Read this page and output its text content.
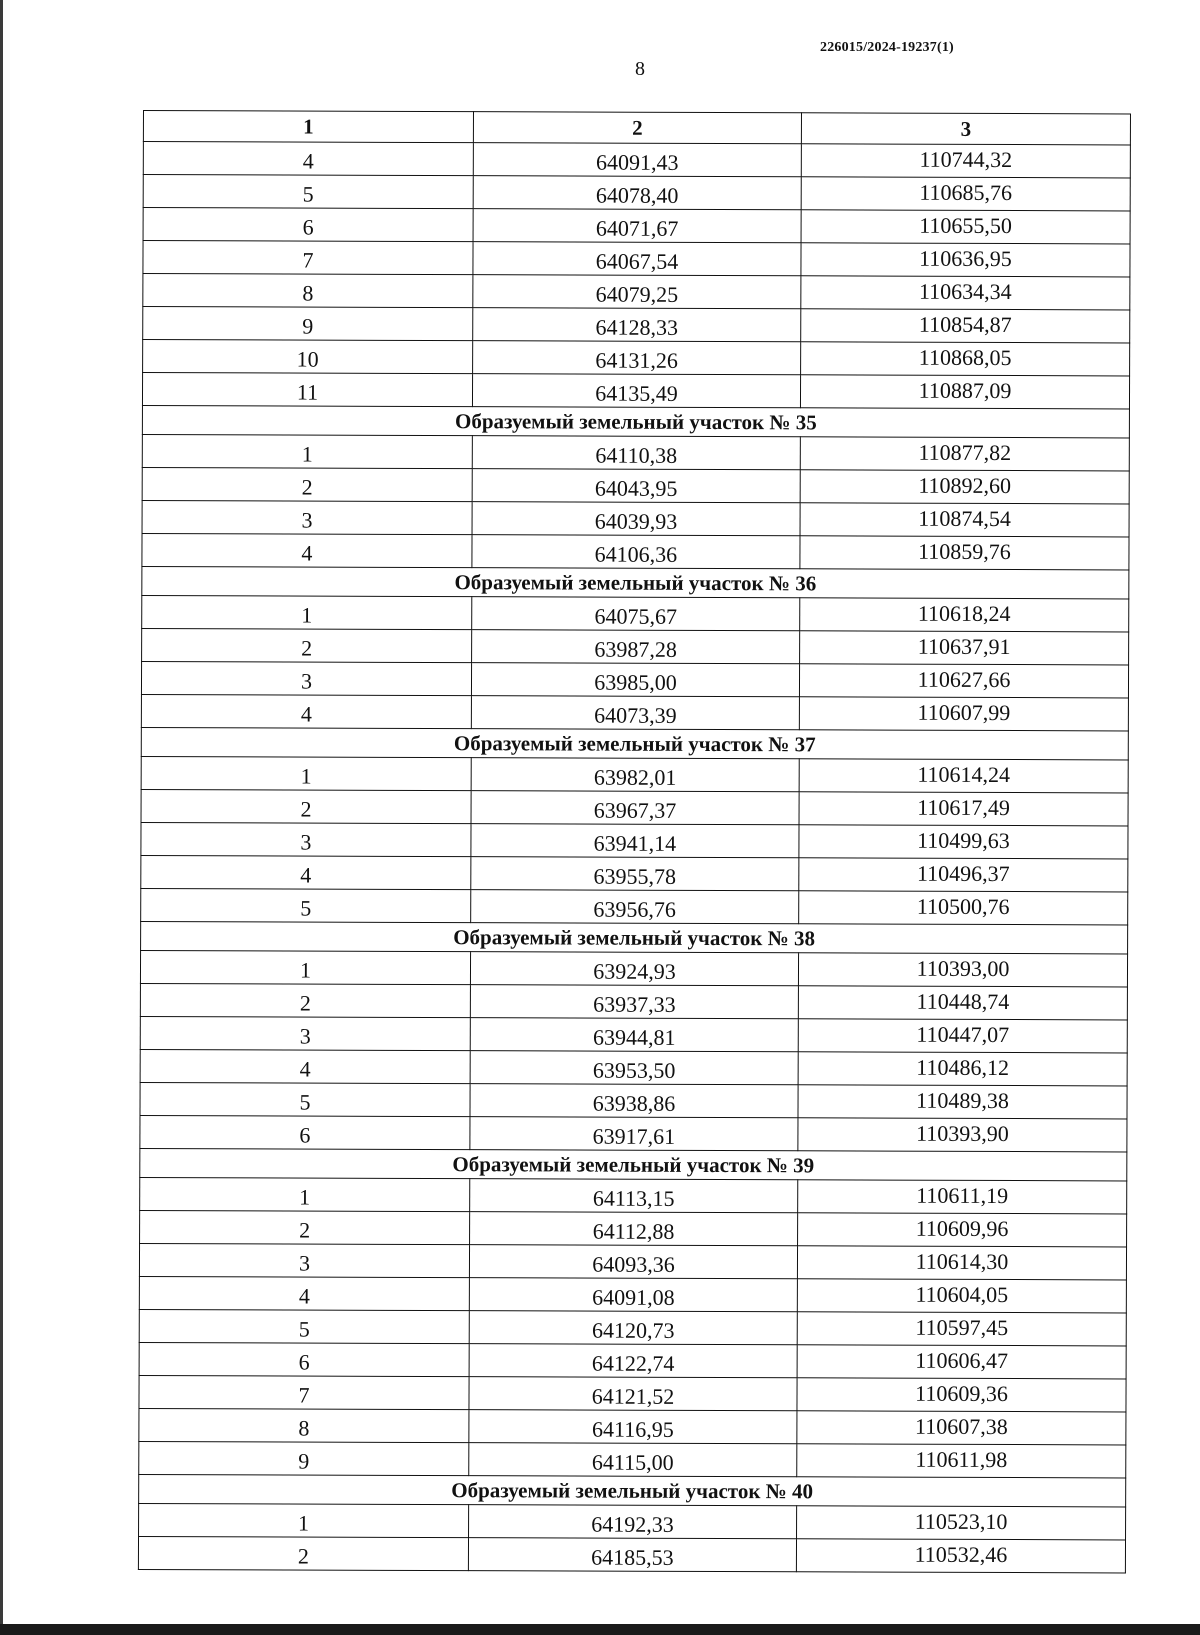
226015/2024-19237(1)
8
1	2	3
4	64091,43	110744,32
5	64078,40	110685,76
6	64071,67	110655,50
7	64067,54	110636,95
8	64079,25	110634,34
9	64128,33	110854,87
10	64131,26	110868,05
11	64135,49	110887,09
Образуемый земельный участок № 35		
1	64110,38	110877,82
2	64043,95	110892,60
3	64039,93	110874,54
4	64106,36	110859,76
Образуемый земельный участок № 36		
1	64075,67	110618,24
2	63987,28	110637,91
3	63985,00	110627,66
4	64073,39	110607,99
Образуемый земельный участок № 37		
1	63982,01	110614,24
2	63967,37	110617,49
3	63941,14	110499,63
4	63955,78	110496,37
5	63956,76	110500,76
Образуемый земельный участок № 38		
1	63924,93	110393,00
2	63937,33	110448,74
3	63944,81	110447,07
4	63953,50	110486,12
5	63938,86	110489,38
6	63917,61	110393,90
Образуемый земельный участок № 39		
1	64113,15	110611,19
2	64112,88	110609,96
3	64093,36	110614,30
4	64091,08	110604,05
5	64120,73	110597,45
6	64122,74	110606,47
7	64121,52	110609,36
8	64116,95	110607,38
9	64115,00	110611,98
Образуемый земельный участок № 40		
1	64192,33	110523,10
2	64185,53	110532,46
